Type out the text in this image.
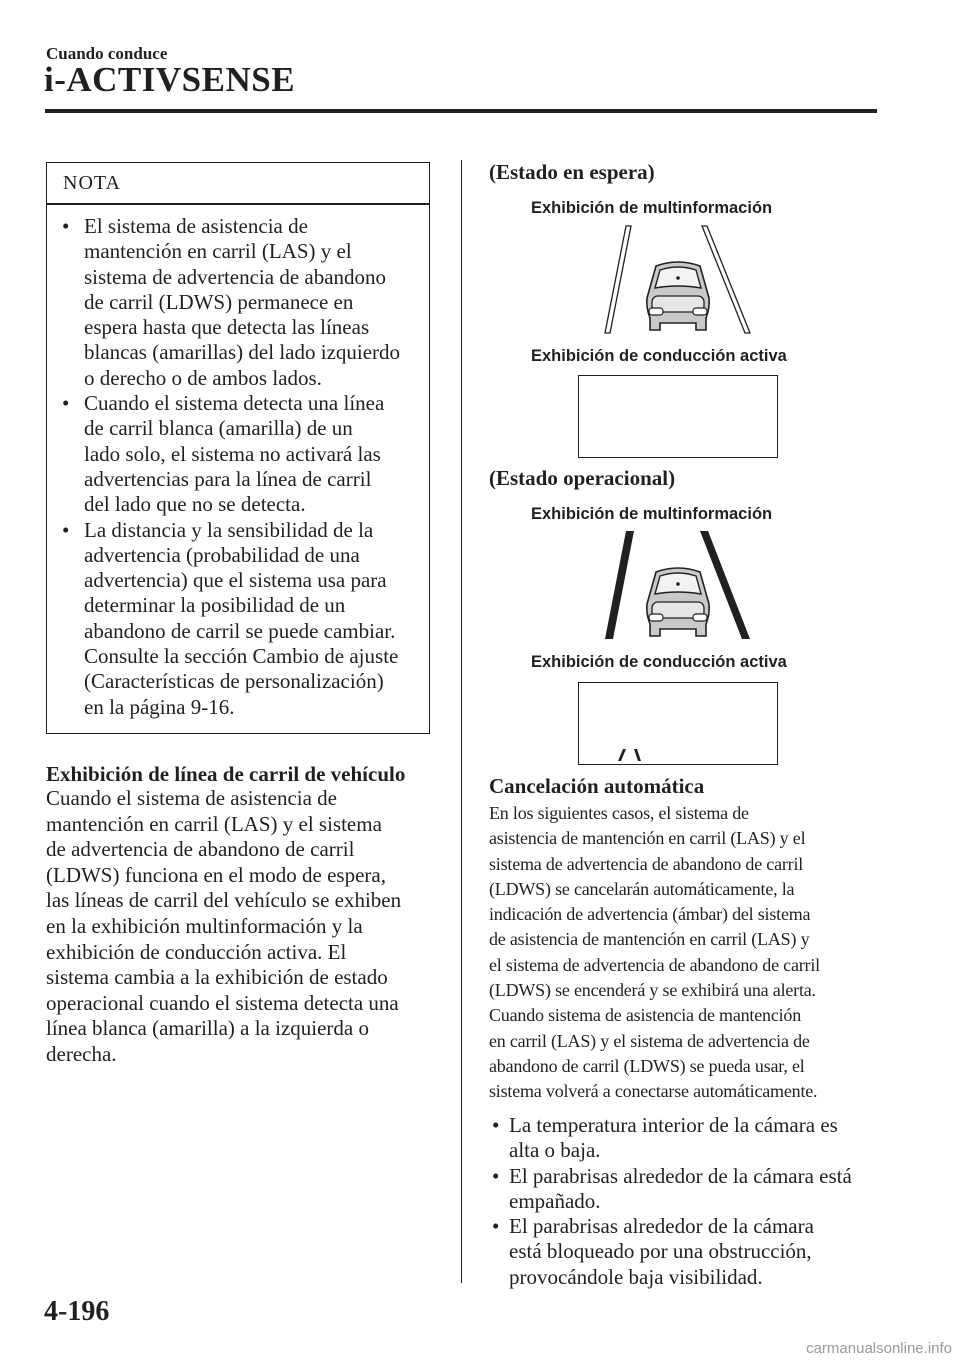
Cuando conduce
i-ACTIVSENSE
NOTA
• El sistema de asistencia de
mantención en carril (LAS) y el
sistema de advertencia de abandono
de carril (LDWS) permanece en
espera hasta que detecta las líneas
blancas (amarillas) del lado izquierdo
o derecho o de ambos lados.
• Cuando el sistema detecta una línea
de carril blanca (amarilla) de un
lado solo, el sistema no activará las
advertencias para la línea de carril
del lado que no se detecta.
• La distancia y la sensibilidad de la
advertencia (probabilidad de una
advertencia) que el sistema usa para
determinar la posibilidad de un
abandono de carril se puede cambiar.
Consulte la sección Cambio de ajuste
(Características de personalización)
en la página 9-16.
Exhibición de línea de carril de vehículo
Cuando el sistema de asistencia de
mantención en carril (LAS) y el sistema
de advertencia de abandono de carril
(LDWS) funciona en el modo de espera,
las líneas de carril del vehículo se exhiben
en la exhibición multinformación y la
exhibición de conducción activa. El
sistema cambia a la exhibición de estado
operacional cuando el sistema detecta una
línea blanca (amarilla) a la izquierda o
derecha.
(Estado en espera)
Exhibición de multinformación
Exhibición de conducción activa
(Estado operacional)
Exhibición de multinformación
Exhibición de conducción activa
Cancelación automática
En los siguientes casos, el sistema de
asistencia de mantención en carril (LAS) y el
sistema de advertencia de abandono de carril
(LDWS) se cancelarán automáticamente, la
indicación de advertencia (ámbar) del sistema
de asistencia de mantención en carril (LAS) y
el sistema de advertencia de abandono de carril
(LDWS) se encenderá y se exhibirá una alerta.
Cuando sistema de asistencia de mantención
en carril (LAS) y el sistema de advertencia de
abandono de carril (LDWS) se pueda usar, el
sistema volverá a conectarse automáticamente.
• La temperatura interior de la cámara es
alta o baja.
• El parabrisas alrededor de la cámara está
empañado.
• El parabrisas alrededor de la cámara
está bloqueado por una obstrucción,
provocándole baja visibilidad.
4-196
carmanualsonline.info
